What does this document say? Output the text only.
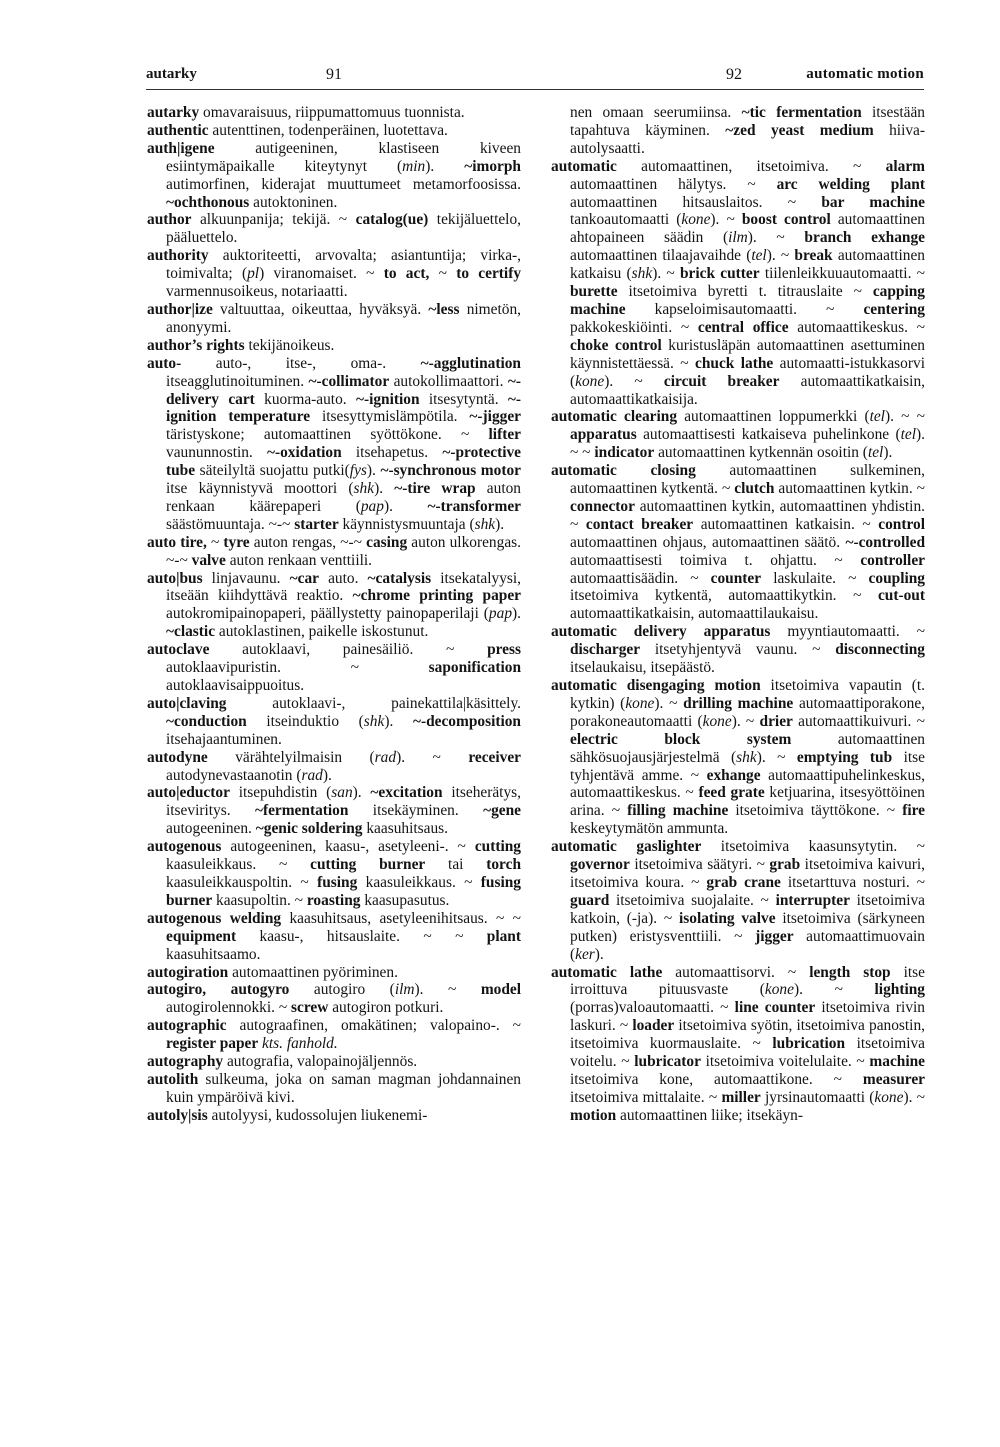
autarky	91	92	automatic motion

autarky omavaraisuus, riippumattomuus tuonnista.

authentic autenttinen, todenperäinen, luotettava.

auth|igene autigeeninen, klastiseen kiveen esiintymäpaikalle kiteytynyt (min). ~imorph autimorfinen, kiderajat muuttumeet metamorfoosissa. ~ochthonous autoktoninen.

author alkuunpanija; tekijä. ~ catalog(ue) tekijäluettelo, pääluettelo.

authority auktoriteetti, arvovalta; asiantuntija; virka-, toimivalta; (pl) viranomaiset. ~ to act, ~ to certify varmennusoikeus, notariaatti.

author|ize valtuuttaa, oikeuttaa, hyväksyä. ~less nimetön, anonyymi.

author’s rights tekijänoikeus.

auto- auto-, itse-, oma-. ~-agglutination itseagglutinoituminen. ~-collimator autokollimaattori. ~-delivery cart kuorma-auto. ~-ignition itsesytyntä. ~-ignition temperature itsesyttymislämpötila. ~-jigger täristyskone; automaattinen syöttökone. ~ lifter vaununnostin. ~-oxidation itsehapetus. ~-protective tube säteilyltä suojattu putki(fys). ~-synchronous motor itse käynnistyvä moottori (shk). ~-tire wrap auton renkaan käärepaperi (pap). ~-transformer säästömuuntaja. ~-~ starter käynnistysmuuntaja (shk).

auto tire, ~ tyre auton rengas, ~-~ casing auton ulkorengas. ~-~ valve auton renkaan venttiili.

auto|bus linjavaunu. ~car auto. ~catalysis itsekatalyysi, itseään kiihdyttävä reaktio. ~chrome printing paper autokromipainopaperi, päällystetty painopaperilaji (pap). ~clastic autoklastinen, paikelle iskostunut.

autoclave autoklaavi, painesäiliö. ~ press autoklaavipuristin. ~ saponification autoklaavisaippuoitus.

auto|claving autoklaavi-, painekattila|käsittely. ~conduction itseinduktio (shk). ~-decomposition itsehajaantuminen.

autodyne värähtelyilmaisin (rad). ~ receiver autodynevastaanotin (rad).

auto|eductor itsepuhdistin (san). ~excitation itseherätys, itseviritys. ~fermentation itsekäyminen. ~gene autogeeninen. ~genic soldering kaasuhitsaus.

autogenous autogeeninen, kaasu-, asetyleeni-. ~ cutting kaasuleikkaus. ~ cutting burner tai torch kaasuleikkauspoltin. ~ fusing kaasuleikkaus. ~ fusing burner kaasupoltin. ~ roasting kaasupasutus.

autogenous welding kaasuhitsaus, asetyleenihitsaus. ~ ~ equipment kaasu-, hitsauslaite. ~ ~ plant kaasuhitsaamo.

autogiration automaattinen pyöriminen.

autogiro, autogyro autogiro (ilm). ~ model autogirolennokki. ~ screw autogiron potkuri.

autographic autograafinen, omakätinen; valopaino-. ~ register paper kts. fanhold.

autography autografia, valopainojäljennös.

autolith sulkeuma, joka on saman magman johdannainen kuin ympäröivä kivi.

autoly|sis autolyysi, kudossolujen liukenemi-

nen omaan seerumiinsa. ~tic fermentation itsestään tapahtuva käyminen. ~zed yeast medium hiiva-autolysaatti.

automatic automaattinen, itsetoimiva. ~ alarm automaattinen hälytys. ~ arc welding plant automaattinen hitsauslaitos. ~ bar machine tankoautomaatti (kone). ~ boost control automaattinen ahtopaineen säädin (ilm). ~ branch exhange automaattinen tilaajavaihde (tel). ~ break automaattinen katkaisu (shk). ~ brick cutter tiilenleikkuuautomaatti. ~ burette itsetoimiva byretti t. titrauslaite ~ capping machine kapseloimisautomaatti. ~ centering pakkokeskiöinti. ~ central office automaattikeskus. ~ choke control kuristusläpän automaattinen asettuminen käynnistettäessä. ~ chuck lathe automaatti-istukkasorvi (kone). ~ circuit breaker automaattikatkaisin, automaattikatkaisija.

automatic clearing automaattinen loppumerkki (tel). ~ ~ apparatus automaattisesti katkaiseva puhelinkone (tel). ~ ~ indicator automaattinen kytkennän osoitin (tel).

automatic closing automaattinen sulkeminen, automaattinen kytkentä. ~ clutch automaattinen kytkin. ~ connector automaattinen kytkin, automaattinen yhdistin. ~ contact breaker automaattinen katkaisin. ~ control automaattinen ohjaus, automaattinen säätö. ~-controlled automaattisesti toimiva t. ohjattu. ~ controller automaattisäädin. ~ counter laskulaite. ~ coupling itsetoimiva kytkentä, automaattikytkin. ~ cut-out automaattikatkaisin, automaattilaukaisu.

automatic delivery apparatus myyntiautomaatti. ~ discharger itsetyhjentyvä vaunu. ~ disconnecting itselaukaisu, itsepäästö.

automatic disengaging motion itsetoimiva vapautin (t. kytkin) (kone). ~ drilling machine automaattiporakone, porakoneautomaatti (kone). ~ drier automaattikuivuri. ~ electric block system automaattinen sähkösuojausjärjestelmä (shk). ~ emptying tub itse tyhjentävä amme. ~ exhange automaattipuhelinkeskus, automaattikeskus. ~ feed grate ketjuarina, itsesyöttöinen arina. ~ filling machine itsetoimiva täyttökone. ~ fire keskeytymätön ammunta.

automatic gaslighter itsetoimiva kaasunsytytin. ~ governor itsetoimiva säätyri. ~ grab itsetoimiva kaivuri, itsetoimiva koura. ~ grab crane itsetarttuva nosturi. ~ guard itsetoimiva suojalaite. ~ interrupter itsetoimiva katkoin, (-ja). ~ isolating valve itsetoimiva (särkyneen putken) eristysventtiili. ~ jigger automaattimuovain (ker).

automatic lathe automaattisorvi. ~ length stop itse irroittuva pituusvaste (kone). ~ lighting (porras)valoautomaatti. ~ line counter itsetoimiva rivin laskuri. ~ loader itsetoimiva syötin, itsetoimiva panostin, itsetoimiva kuormauslaite. ~ lubrication itsetoimiva voitelu. ~ lubricator itsetoimiva voitelulaite. ~ machine itsetoimiva kone, automaattikone. ~ measurer itsetoimiva mittalaite. ~ miller jyrsinautomaatti (kone). ~ motion automaattinen liike; itsekäyn-
